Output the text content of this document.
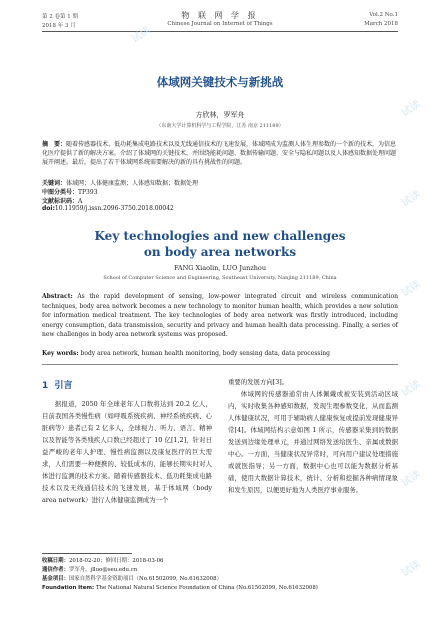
第 2 卷第 1 期
2018 年 3 月
物 联 网 学 报
Chinese Journal on Internet of Things
Vol.2 No.1
March 2018
试读
试读
试读
试读
试读
试读
试读
体域网关键技术与新挑战
方欣林，罗军舟
（东南大学计算机科学与工程学院，江苏 南京 211189）

摘　要：随着传感器技术、低功耗集成电路技术以及无线通信技术的飞速发展，体域网成为监测人体生理参数的一个新的技术，为信息化医疗提供了新的解决方案。介绍了体域网的关键技术，并围绕能耗问题、数据传输问题、安全与隐私问题以及人体感知数据处理问题展开阐述。最后，提出了若干体域网系统需要解决的新的具有挑战性的问题。

关键词：体域网；人体健康监测；人体感知数据；数据处理
中图分类号：TP393
文献标识码：A
doi:10.11959/j.issn.2096-3750.2018.00042
Key technologies and new challenges
on body area networks
FANG Xiaolin, LUO Junzhou
School of Computer Science and Engineering, Southeast University, Nanjing 211189, China
Abstract: As the rapid development of sensing, low-power integrated circuit and wireless communication techniques, body area network becomes a new technology to monitor human health, which provides a new solution for information medical treatment. The key technologies of body area network was firstly introduced, including energy consumption, data transmission, security and privacy and human health data processing. Finally, a series of new challenges in body area network systems was proposed.
Key words: body area network, human health monitoring, body sensing data, data processing
1 引言

据报道，2050 年全球老年人口数将达到 20.2 亿人，目前我国各类慢性病（如呼吸系统疾病、神经系统疾病、心脏病等）患者已有 2 亿多人，全球视力、听力、语言、精神以及智能等各类残疾人口数已经超过了 10 亿[1,2]，针对日益严峻的老年人护理、慢性病监测以及康复医疗的巨大需求，人们需要一种便携的、较低成本的、能够长期实时对人体进行监测的技术方案。随着传感器技术、低功耗集成电路技术以及无线通信技术的飞速发展，基于体域网（body area network）进行人体健康监测成为一个

重要的发展方向[3]。

体域网的传感器通常由人体佩戴或被安装到活动区域内，实时收集各种感知数据，发现生理参数变化，从而监测人体健康状况，可用于辅助病人健康恢复或提前发现健康异常[4]。体域网结构示意如图 1 所示，传感器采集到的数据发送到边缘处理单元，并通过网络发送给医生、亲属或数据中心。一方面，当健康状况异常时，可向用户建议处理措施或就医指导；另一方面，数据中心也可以能为数据分析基础，使用大数据计算技术，统计、分析和挖掘各种病情现象和发生原因，以便更好地为人类医疗事业服务。

收稿日期：2018-02-20；修回日期：2018-03-06
通信作者：罗军舟，jlluo@seu.edu.cn
基金项目：国家自然科学基金资助项目（No.61502099, No.61632008）
Foundation Item: The National Natural Science Foundation of China (No.61502099, No.61632008)
